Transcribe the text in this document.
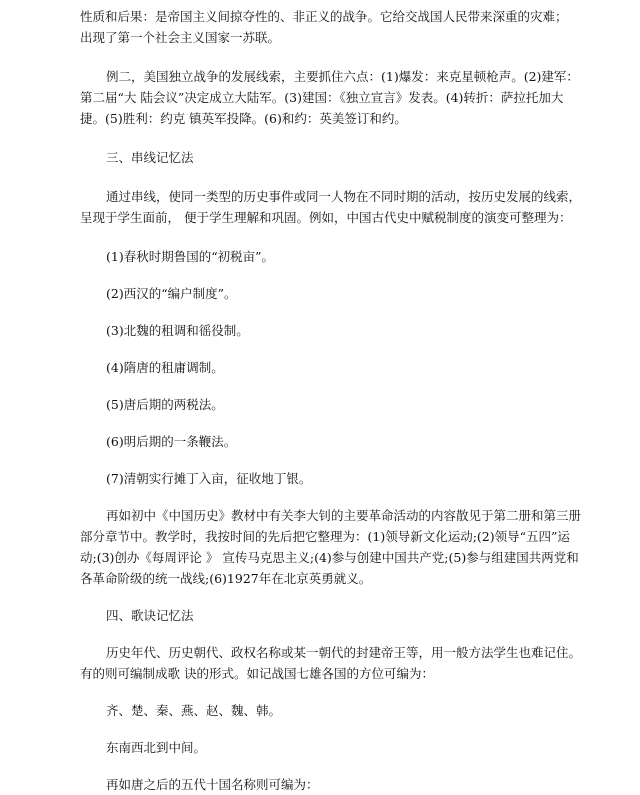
性质和后果：是帝国主义间掠夺性的、非正义的战争。它给交战国人民带来深重的灾难；

出现了第一个社会主义国家一苏联。

例二，美国独立战争的发展线索，主要抓住六点：(1)爆发：来克星顿枪声。(2)建军：

第二届“大 陆会议”决定成立大陆军。(3)建国：《独立宣言》发表。(4)转折：萨拉托加大

捷。(5)胜利：约克 镇英军投降。(6)和约：英美签订和约。

三、串线记忆法

通过串线，使同一类型的历史事件或同一人物在不同时期的活动，按历史发展的线索，

呈现于学生面前， 便于学生理解和巩固。例如，中国古代史中赋税制度的演变可整理为：

(1)春秋时期鲁国的“初税亩”。

(2)西汉的“编户制度”。

(3)北魏的租调和徭役制。

(4)隋唐的租庸调制。

(5)唐后期的两税法。

(6)明后期的一条鞭法。

(7)清朝实行摊丁入亩，征收地丁银。

再如初中《中国历史》教材中有关李大钊的主要革命活动的内容散见于第二册和第三册

部分章节中。教学时，我按时间的先后把它整理为：(1)领导新文化运动;(2)领导“五四”运

动;(3)创办《每周评论 》 宣传马克思主义;(4)参与创建中国共产党;(5)参与组建国共两党和

各革命阶级的统一战线;(6)1927年在北京英勇就义。

四、歌诀记忆法

历史年代、历史朝代、政权名称或某一朝代的封建帝王等，用一般方法学生也难记住。

有的则可编制成歌 诀的形式。如记战国七雄各国的方位可编为：

齐、楚、秦、燕、赵、魏、韩。

东南西北到中间。

再如唐之后的五代十国名称则可编为：
